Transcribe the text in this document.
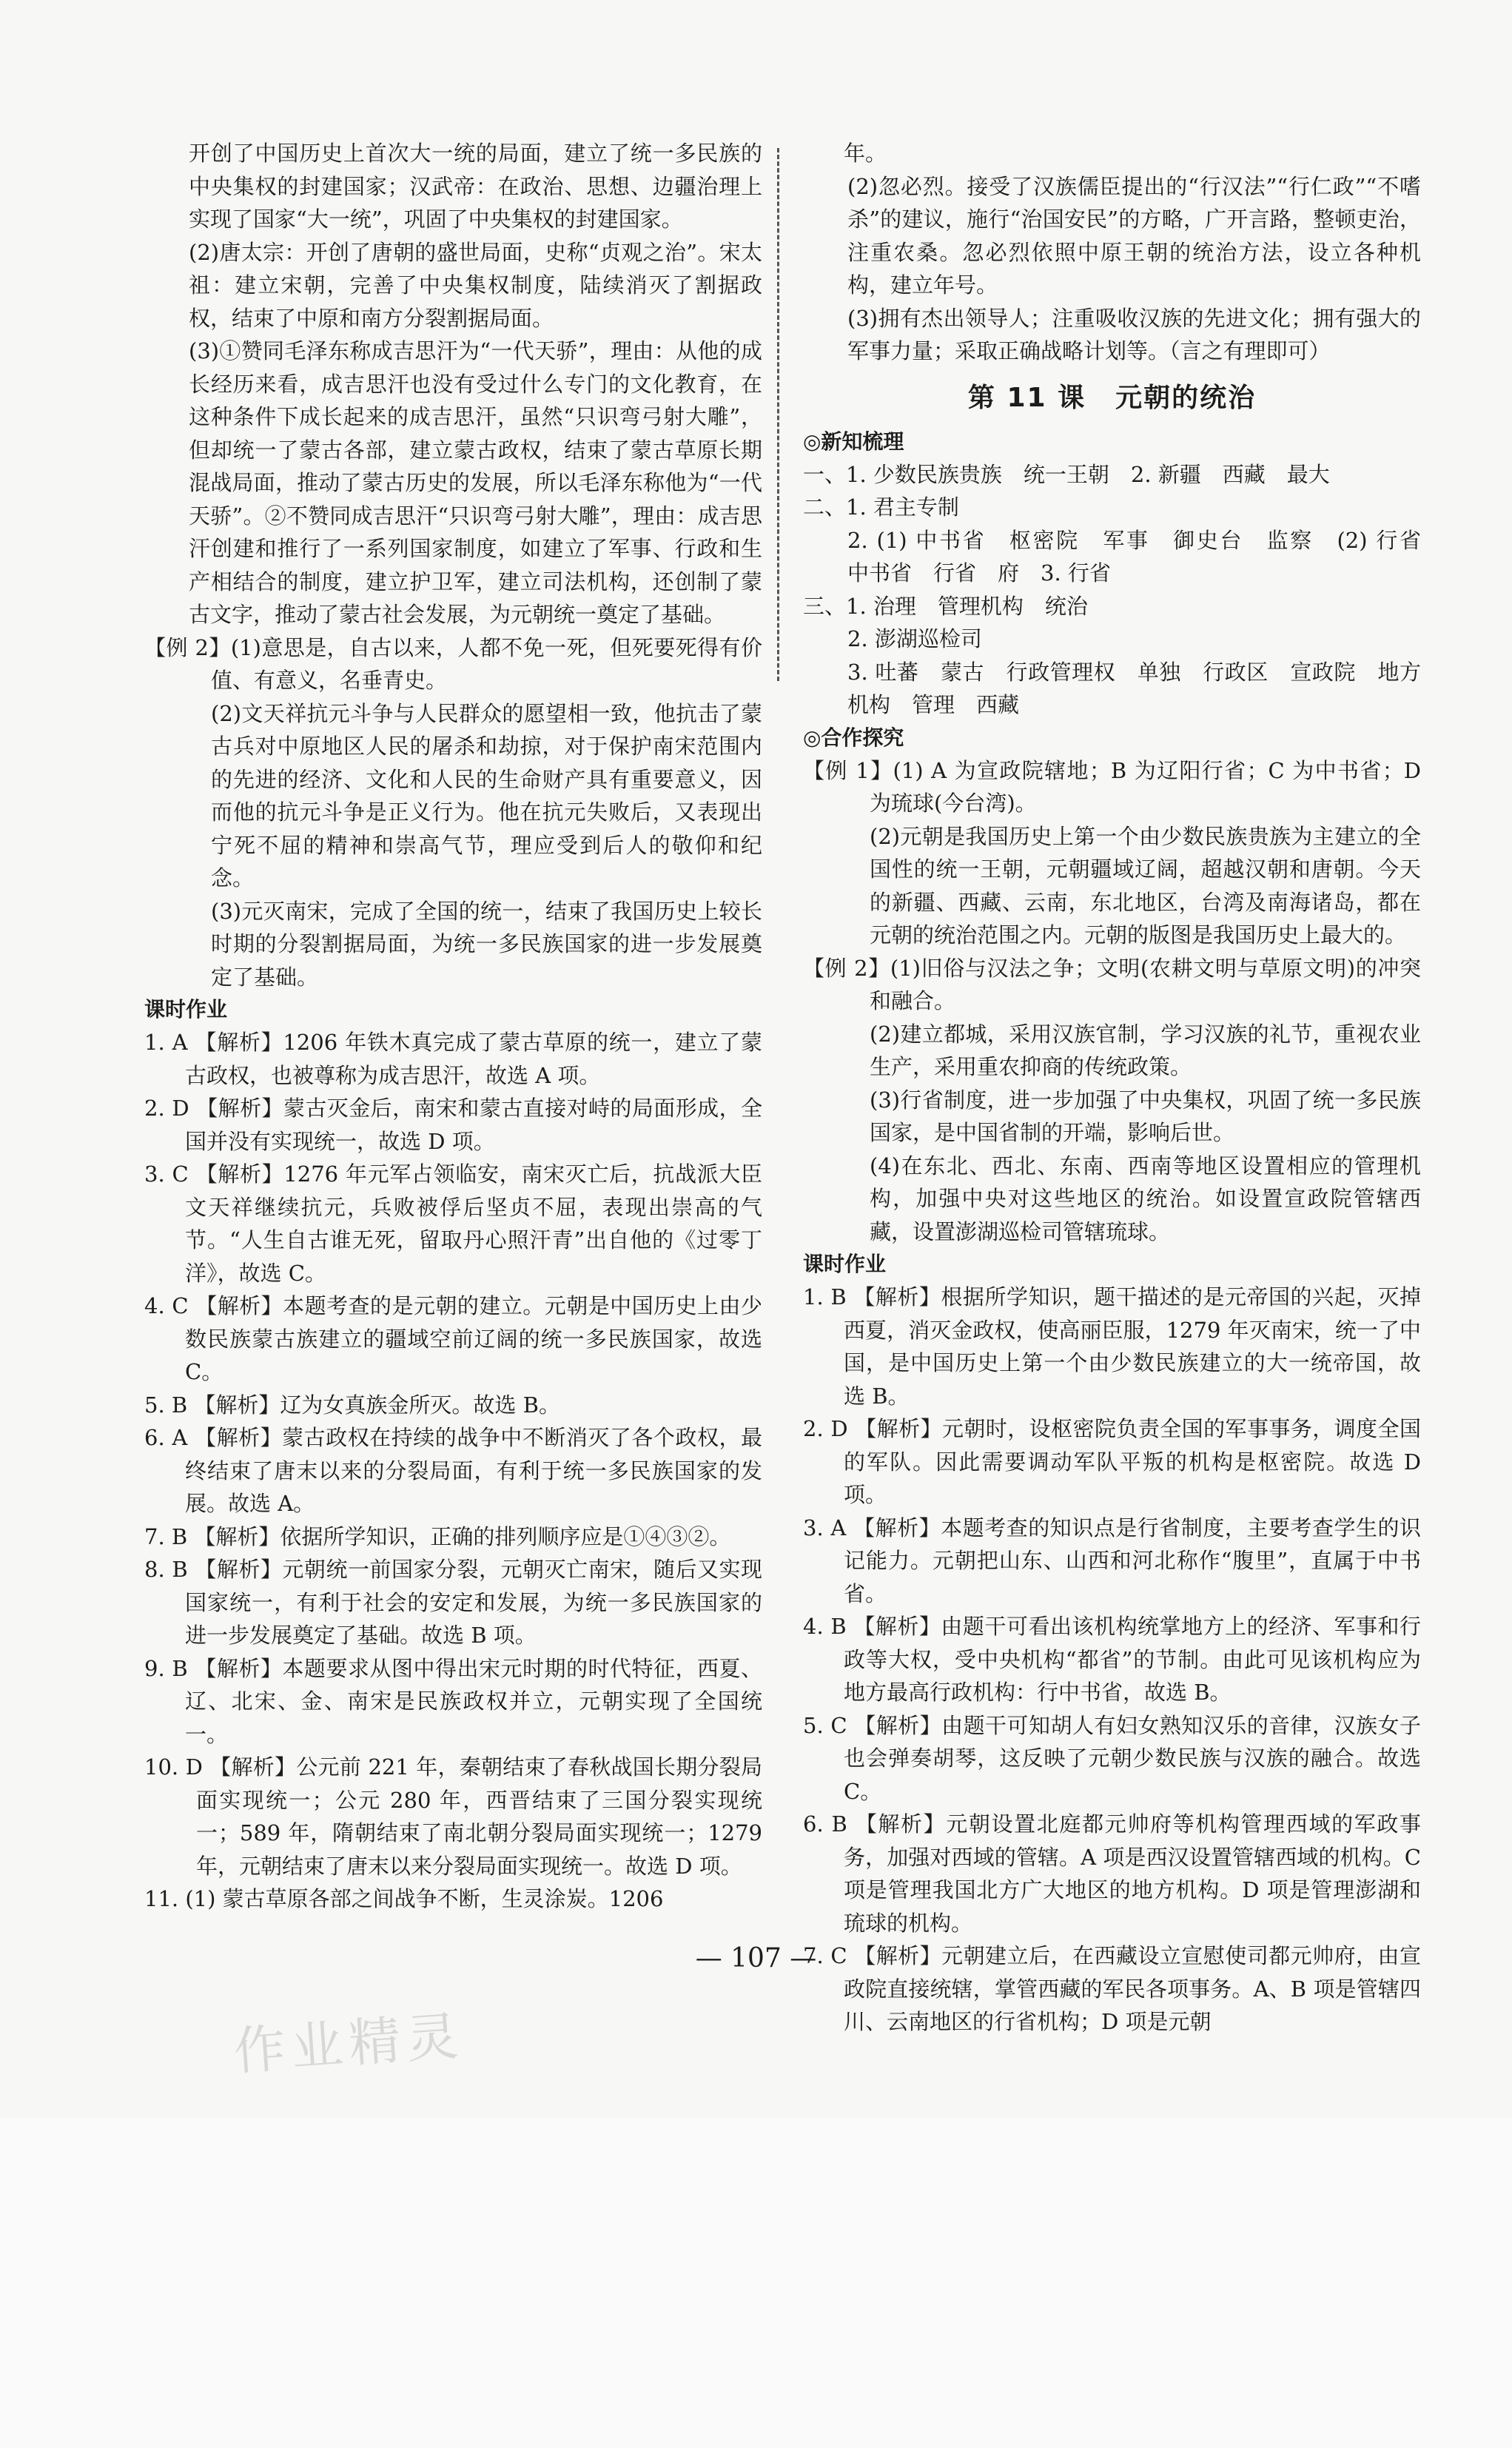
开创了中国历史上首次大一统的局面，建立了统一多民族的中央集权的封建国家；汉武帝：在政治、思想、边疆治理上实现了国家“大一统”，巩固了中央集权的封建国家。

(2)唐太宗：开创了唐朝的盛世局面，史称“贞观之治”。宋太祖：建立宋朝，完善了中央集权制度，陆续消灭了割据政权，结束了中原和南方分裂割据局面。

(3)①赞同毛泽东称成吉思汗为“一代天骄”，理由：从他的成长经历来看，成吉思汗也没有受过什么专门的文化教育，在这种条件下成长起来的成吉思汗，虽然“只识弯弓射大雕”，但却统一了蒙古各部，建立蒙古政权，结束了蒙古草原长期混战局面，推动了蒙古历史的发展，所以毛泽东称他为“一代天骄”。②不赞同成吉思汗“只识弯弓射大雕”，理由：成吉思汗创建和推行了一系列国家制度，如建立了军事、行政和生产相结合的制度，建立护卫军，建立司法机构，还创制了蒙古文字，推动了蒙古社会发展，为元朝统一奠定了基础。

【例 2】(1)意思是，自古以来，人都不免一死，但死要死得有价值、有意义，名垂青史。

(2)文天祥抗元斗争与人民群众的愿望相一致，他抗击了蒙古兵对中原地区人民的屠杀和劫掠，对于保护南宋范围内的先进的经济、文化和人民的生命财产具有重要意义，因而他的抗元斗争是正义行为。他在抗元失败后，又表现出宁死不屈的精神和崇高气节，理应受到后人的敬仰和纪念。

(3)元灭南宋，完成了全国的统一，结束了我国历史上较长时期的分裂割据局面，为统一多民族国家的进一步发展奠定了基础。

课时作业

1. A 【解析】1206 年铁木真完成了蒙古草原的统一，建立了蒙古政权，也被尊称为成吉思汗，故选 A 项。

2. D 【解析】蒙古灭金后，南宋和蒙古直接对峙的局面形成，全国并没有实现统一，故选 D 项。

3. C 【解析】1276 年元军占领临安，南宋灭亡后，抗战派大臣文天祥继续抗元，兵败被俘后坚贞不屈，表现出崇高的气节。“人生自古谁无死，留取丹心照汗青”出自他的《过零丁洋》，故选 C。

4. C 【解析】本题考查的是元朝的建立。元朝是中国历史上由少数民族蒙古族建立的疆域空前辽阔的统一多民族国家，故选 C。

5. B 【解析】辽为女真族金所灭。故选 B。

6. A 【解析】蒙古政权在持续的战争中不断消灭了各个政权，最终结束了唐末以来的分裂局面，有利于统一多民族国家的发展。故选 A。

7. B 【解析】依据所学知识，正确的排列顺序应是①④③②。

8. B 【解析】元朝统一前国家分裂，元朝灭亡南宋，随后又实现国家统一，有利于社会的安定和发展，为统一多民族国家的进一步发展奠定了基础。故选 B 项。

9. B 【解析】本题要求从图中得出宋元时期的时代特征，西夏、辽、北宋、金、南宋是民族政权并立，元朝实现了全国统一。

10. D 【解析】公元前 221 年，秦朝结束了春秋战国长期分裂局面实现统一；公元 280 年，西晋结束了三国分裂实现统一；589 年，隋朝结束了南北朝分裂局面实现统一；1279 年，元朝结束了唐末以来分裂局面实现统一。故选 D 项。

11. (1) 蒙古草原各部之间战争不断，生灵涂炭。1206

年。

(2)忽必烈。接受了汉族儒臣提出的“行汉法”“行仁政”“不嗜杀”的建议，施行“治国安民”的方略，广开言路，整顿吏治，注重农桑。忽必烈依照中原王朝的统治方法，设立各种机构，建立年号。

(3)拥有杰出领导人；注重吸收汉族的先进文化；拥有强大的军事力量；采取正确战略计划等。（言之有理即可）

第 11 课 元朝的统治

◎新知梳理

一、1. 少数民族贵族　统一王朝　2. 新疆　西藏　最大

二、1. 君主专制

2. (1) 中书省　枢密院　军事　御史台　监察　(2) 行省　中书省　行省　府　3. 行省

三、1. 治理　管理机构　统治

2. 澎湖巡检司

3. 吐蕃　蒙古　行政管理权　单独　行政区　宣政院　地方机构　管理　西藏

◎合作探究

【例 1】(1) A 为宣政院辖地；B 为辽阳行省；C 为中书省；D 为琉球(今台湾)。

(2)元朝是我国历史上第一个由少数民族贵族为主建立的全国性的统一王朝，元朝疆域辽阔，超越汉朝和唐朝。今天的新疆、西藏、云南，东北地区，台湾及南海诸岛，都在元朝的统治范围之内。元朝的版图是我国历史上最大的。

【例 2】(1)旧俗与汉法之争；文明(农耕文明与草原文明)的冲突和融合。

(2)建立都城，采用汉族官制，学习汉族的礼节，重视农业生产，采用重农抑商的传统政策。

(3)行省制度，进一步加强了中央集权，巩固了统一多民族国家，是中国省制的开端，影响后世。

(4)在东北、西北、东南、西南等地区设置相应的管理机构，加强中央对这些地区的统治。如设置宣政院管辖西藏，设置澎湖巡检司管辖琉球。

课时作业

1. B 【解析】根据所学知识，题干描述的是元帝国的兴起，灭掉西夏，消灭金政权，使高丽臣服，1279 年灭南宋，统一了中国，是中国历史上第一个由少数民族建立的大一统帝国，故选 B。

2. D 【解析】元朝时，设枢密院负责全国的军事事务，调度全国的军队。因此需要调动军队平叛的机构是枢密院。故选 D 项。

3. A 【解析】本题考查的知识点是行省制度，主要考查学生的识记能力。元朝把山东、山西和河北称作“腹里”，直属于中书省。

4. B 【解析】由题干可看出该机构统掌地方上的经济、军事和行政等大权，受中央机构“都省”的节制。由此可见该机构应为地方最高行政机构：行中书省，故选 B。

5. C 【解析】由题干可知胡人有妇女熟知汉乐的音律，汉族女子也会弹奏胡琴，这反映了元朝少数民族与汉族的融合。故选 C。

6. B 【解析】元朝设置北庭都元帅府等机构管理西域的军政事务，加强对西域的管辖。A 项是西汉设置管辖西域的机构。C 项是管理我国北方广大地区的地方机构。D 项是管理澎湖和琉球的机构。

7. C 【解析】元朝建立后，在西藏设立宣慰使司都元帅府，由宣政院直接统辖，掌管西藏的军民各项事务。A、B 项是管辖四川、云南地区的行省机构；D 项是元朝

— 107 —
作业精灵
